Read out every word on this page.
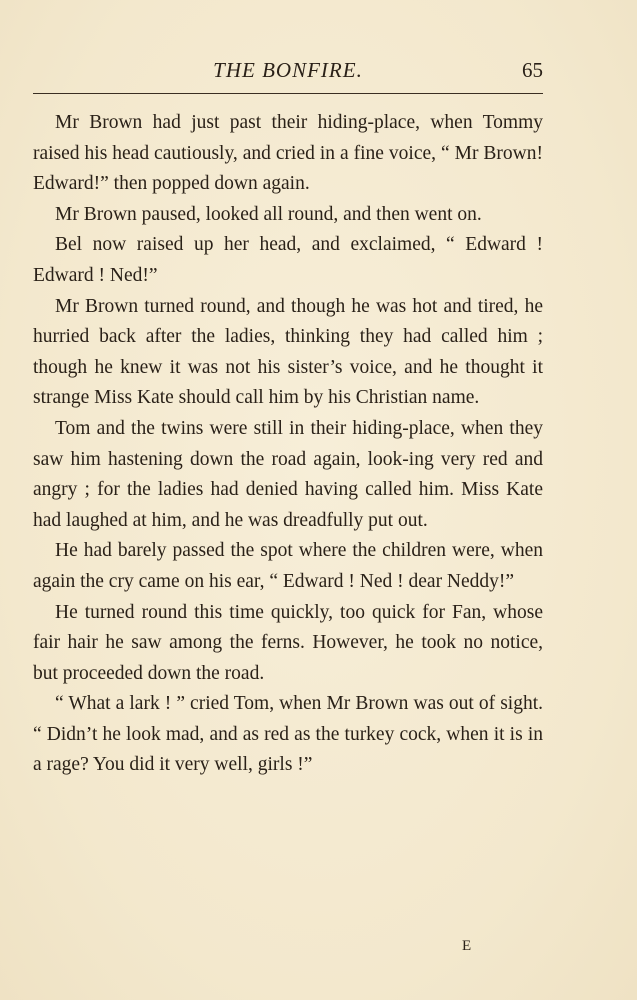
THE BONFIRE.	65

Mr Brown had just past their hiding-place, when Tommy raised his head cautiously, and cried in a fine voice, “ Mr Brown! Edward!” then popped down again.

Mr Brown paused, looked all round, and then went on.

Bel now raised up her head, and exclaimed, “ Edward ! Edward ! Ned!”

Mr Brown turned round, and though he was hot and tired, he hurried back after the ladies, thinking they had called him ; though he knew it was not his sister’s voice, and he thought it strange Miss Kate should call him by his Christian name.

Tom and the twins were still in their hiding-place, when they saw him hastening down the road again, look-ing very red and angry ; for the ladies had denied having called him. Miss Kate had laughed at him, and he was dreadfully put out.

He had barely passed the spot where the children were, when again the cry came on his ear, “ Edward ! Ned ! dear Neddy!”

He turned round this time quickly, too quick for Fan, whose fair hair he saw among the ferns. However, he took no notice, but proceeded down the road.

“ What a lark ! ” cried Tom, when Mr Brown was out of sight. “ Didn’t he look mad, and as red as the turkey cock, when it is in a rage? You did it very well, girls !”

E
